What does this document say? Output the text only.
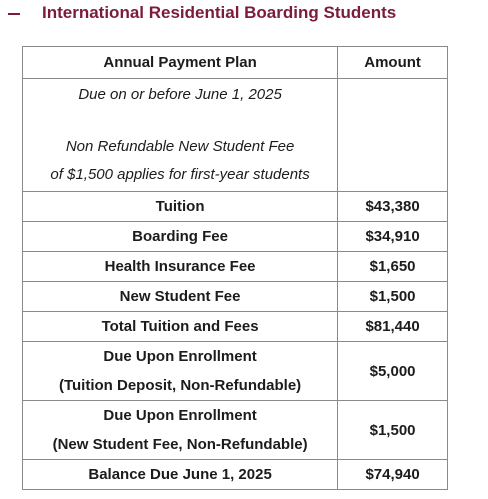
International Residential Boarding Students
Annual Payment Plan	Amount

Due on or before June 1, 2025
Non Refundable New Student Fee
of $1,500 applies for first-year students	

Tuition	$43,380
Boarding Fee	$34,910
Health Insurance Fee	$1,650
New Student Fee	$1,500
Total Tuition and Fees	$81,440

Due Upon Enrollment
(Tuition Deposit, Non-Refundable)	$5,000

Due Upon Enrollment
(New Student Fee, Non-Refundable)	$1,500
Balance Due June 1, 2025	$74,940
